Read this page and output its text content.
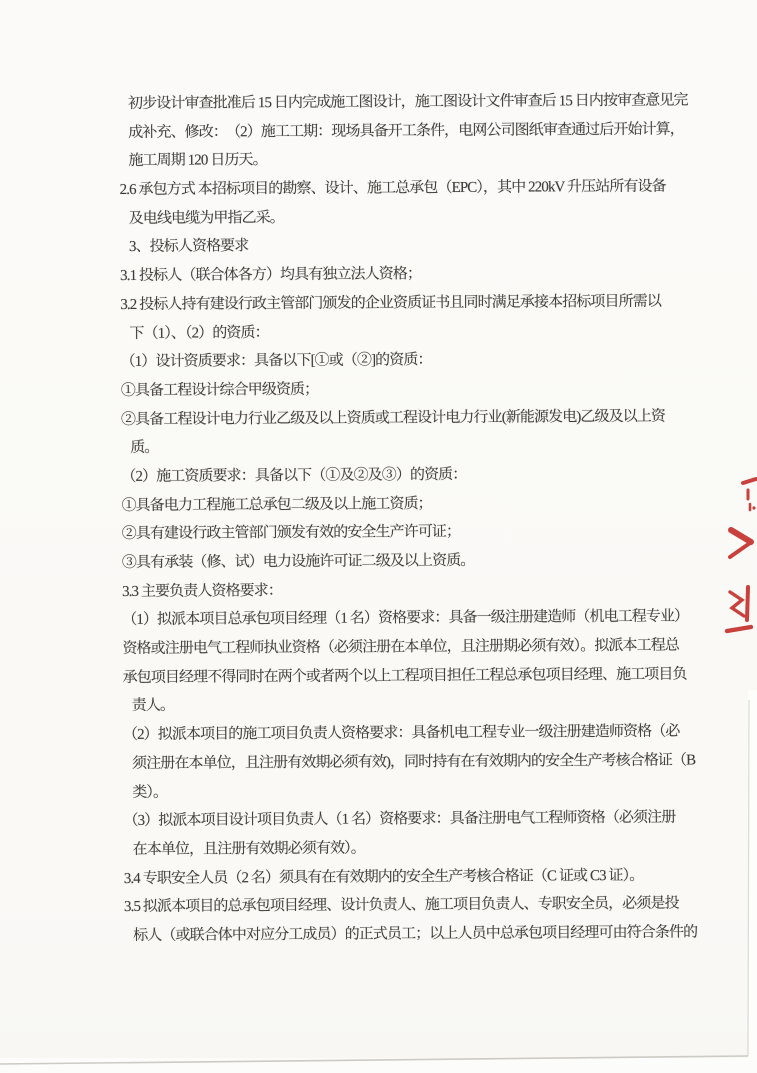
初步设计审查批准后 15 日内完成施工图设计，施工图设计文件审查后 15 日内按审查意见完
成补充、修改：　（2）施工工期：现场具备开工条件，电网公司图纸审查通过后开始计算，
施工周期 120 日历天。
2.6 承包方式 本招标项目的勘察、设计、施工总承包（EPC），其中 220kV 升压站所有设备
及电线电缆为甲指乙采。
3、投标人资格要求
3.1 投标人（联合体各方）均具有独立法人资格；
3.2 投标人持有建设行政主管部门颁发的企业资质证书且同时满足承接本招标项目所需以
下（1）、（2）的资质：
（1）设计资质要求：具备以下[①或（②]的资质：
①具备工程设计综合甲级资质；
②具备工程设计电力行业乙级及以上资质或工程设计电力行业(新能源发电)乙级及以上资
质。
（2）施工资质要求：具备以下（①及②及③）的资质：
①具备电力工程施工总承包二级及以上施工资质；
②具有建设行政主管部门颁发有效的安全生产许可证；
③具有承装（修、试）电力设施许可证二级及以上资质。
3.3 主要负责人资格要求：
（1）拟派本项目总承包项目经理（1 名）资格要求：具备一级注册建造师（机电工程专业）
资格或注册电气工程师执业资格（必须注册在本单位，且注册期必须有效）。拟派本工程总
承包项目经理不得同时在两个或者两个以上工程项目担任工程总承包项目经理、施工项目负
责人。
（2）拟派本项目的施工项目负责人资格要求：具备机电工程专业一级注册建造师资格（必
须注册在本单位，且注册有效期必须有效)，同时持有在有效期内的安全生产考核合格证（B
类）。
（3）拟派本项目设计项目负责人（1 名）资格要求：具备注册电气工程师资格（必须注册
在本单位，且注册有效期必须有效）。
3.4 专职安全人员（2 名）须具有在有效期内的安全生产考核合格证（C 证或 C3 证）。
3.5 拟派本项目的总承包项目经理、设计负责人、施工项目负责人、专职安全员，必须是投
标人（或联合体中对应分工成员）的正式员工；以上人员中总承包项目经理可由符合条件的
